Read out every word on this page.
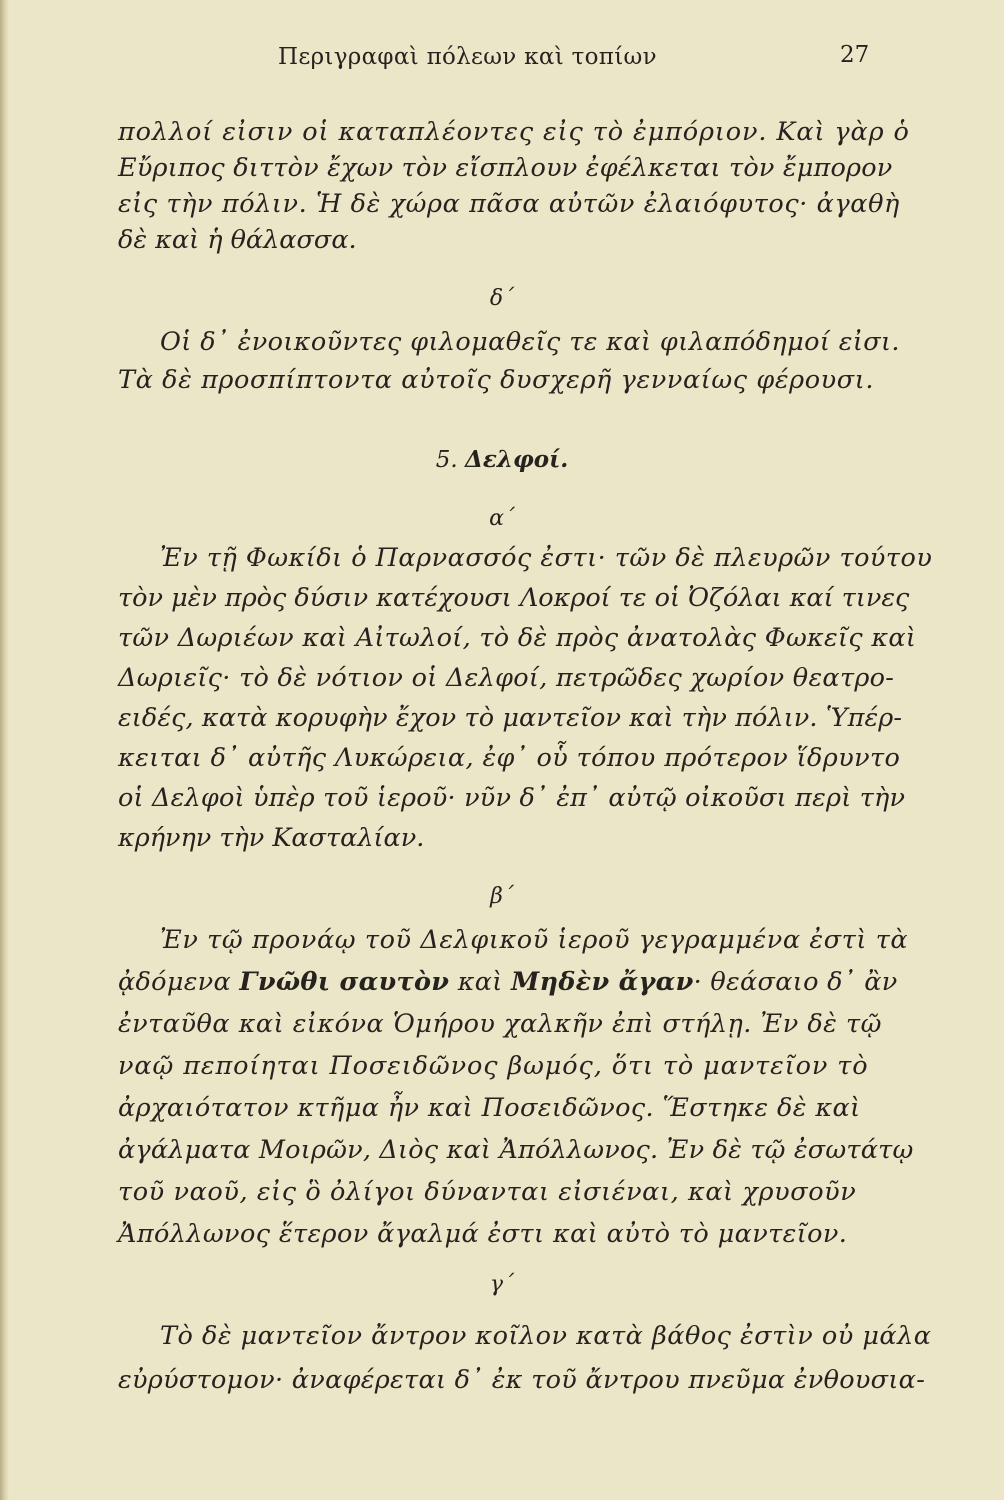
Περιγραφαὶ πόλεων καὶ τοπίων	27
πολλοί εἰσιν οἱ καταπλέοντες εἰς τὸ ἐμπόριον. Καὶ γὰρ ὁ
Εὔριπος διττὸν ἔχων τὸν εἴσπλουν ἐφέλκεται τὸν ἔμπορον
εἰς τὴν πόλιν. Ἡ δὲ χώρα πᾶσα αὐτῶν ἐλαιόφυτος· ἀγαθὴ
δὲ καὶ ἡ θάλασσα.
δ΄
Οἱ δ᾽ ἐνοικοῦντες φιλομαθεῖς τε καὶ φιλαπόδημοί εἰσι.
Τὰ δὲ προσπίπτοντα αὐτοῖς δυσχερῆ γενναίως φέρουσι.
5. Δελφοί.
α΄
Ἐν τῇ Φωκίδι ὁ Παρνασσός ἐστι· τῶν δὲ πλευρῶν τούτου
τὸν μὲν πρὸς δύσιν κατέχουσι Λοκροί τε οἱ Ὀζόλαι καί τινες
τῶν Δωριέων καὶ Αἰτωλοί, τὸ δὲ πρὸς ἀνατολὰς Φωκεῖς καὶ
Δωριεῖς· τὸ δὲ νότιον οἱ Δελφοί, πετρῶδες χωρίον θεατρο-
ειδές, κατὰ κορυφὴν ἔχον τὸ μαντεῖον καὶ τὴν πόλιν. Ὑπέρ-
κειται δ᾽ αὐτῆς Λυκώρεια, ἐφ᾽ οὗ τόπου πρότερον ἵδρυντο
οἱ Δελφοὶ ὑπὲρ τοῦ ἱεροῦ· νῦν δ᾽ ἐπ᾽ αὐτῷ οἰκοῦσι περὶ τὴν
κρήνην τὴν Κασταλίαν.
β΄
Ἐν τῷ προνάῳ τοῦ Δελφικοῦ ἱεροῦ γεγραμμένα ἐστὶ τὰ
ᾀδόμενα Γνῶθι σαυτὸν καὶ Μηδὲν ἄγαν· θεάσαιο δ᾽ ἂν
ἐνταῦθα καὶ εἰκόνα Ὁμήρου χαλκῆν ἐπὶ στήλῃ. Ἐν δὲ τῷ
ναῷ πεποίηται Ποσειδῶνος βωμός, ὅτι τὸ μαντεῖον τὸ
ἀρχαιότατον κτῆμα ἦν καὶ Ποσειδῶνος. Ἕστηκε δὲ καὶ
ἀγάλματα Μοιρῶν, Διὸς καὶ Ἀπόλλωνος. Ἐν δὲ τῷ ἐσωτάτῳ
τοῦ ναοῦ, εἰς ὃ ὀλίγοι δύνανται εἰσιέναι, καὶ χρυσοῦν
Ἀπόλλωνος ἕτερον ἄγαλμά ἐστι καὶ αὐτὸ τὸ μαντεῖον.
γ΄
Τὸ δὲ μαντεῖον ἄντρον κοῖλον κατὰ βάθος ἐστὶν οὐ μάλα
εὐρύστομον· ἀναφέρεται δ᾽ ἐκ τοῦ ἄντρου πνεῦμα ἐνθουσια-
